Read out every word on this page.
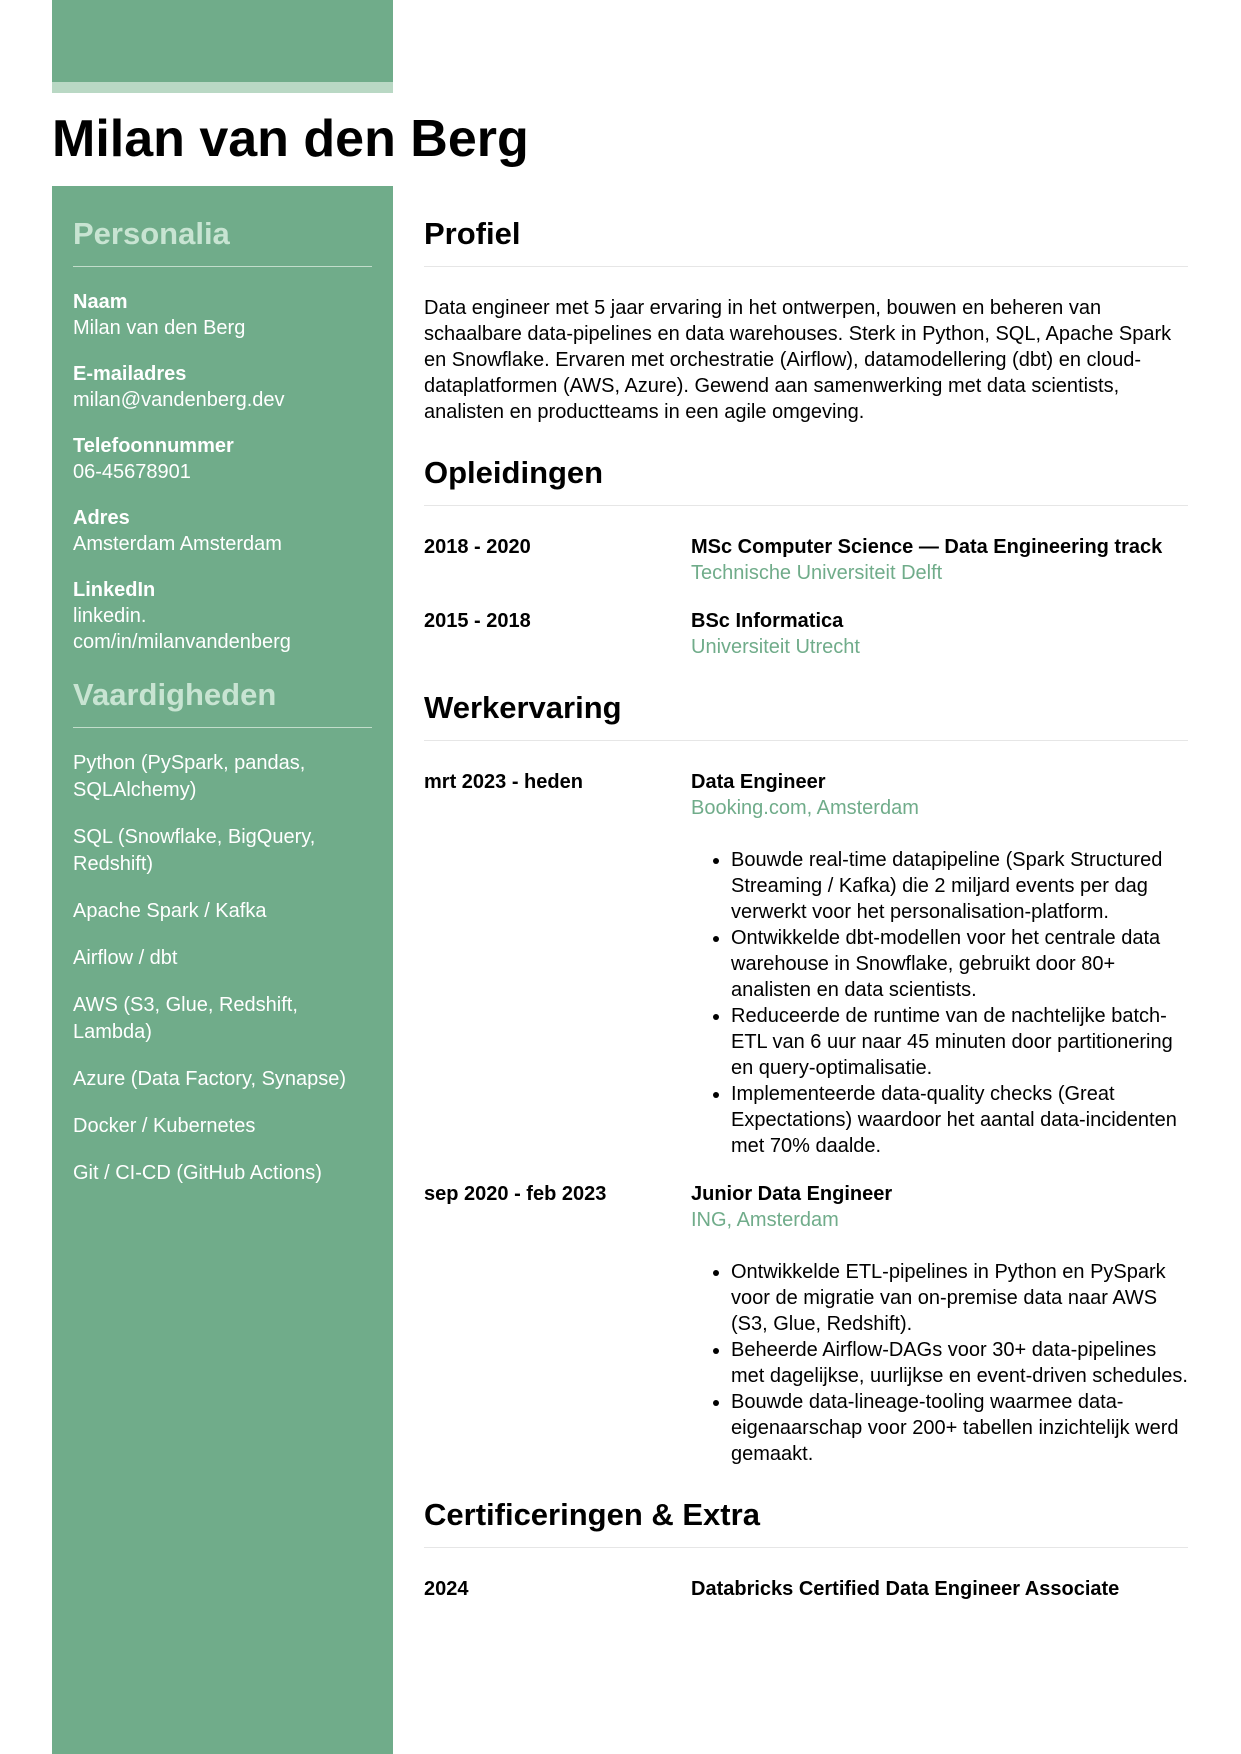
Milan van den Berg
Personalia
Naam
Milan van den Berg
E-mailadres
milan@vandenberg.dev
Telefoonnummer
06-45678901
Adres
Amsterdam Amsterdam
LinkedIn
linkedin.
com/in/milanvandenberg
Vaardigheden
Python (PySpark, pandas, SQLAlchemy)
SQL (Snowflake, BigQuery, Redshift)
Apache Spark / Kafka
Airflow / dbt
AWS (S3, Glue, Redshift, Lambda)
Azure (Data Factory, Synapse)
Docker / Kubernetes
Git / CI-CD (GitHub Actions)
Profiel

Data engineer met 5 jaar ervaring in het ontwerpen, bouwen en beheren van schaalbare data-pipelines en data warehouses. Sterk in Python, SQL, Apache Spark en Snowflake. Ervaren met orchestratie (Airflow), datamodellering (dbt) en cloud-dataplatformen (AWS, Azure). Gewend aan samenwerking met data scientists, analisten en productteams in een agile omgeving.

Opleidingen
2018 - 2020	MSc Computer Science — Data Engineering track
Technische Universiteit Delft
2015 - 2018	BSc Informatica
Universiteit Utrecht
Werkervaring
mrt 2023 - heden	Data Engineer
Booking.com, Amsterdam
• Bouwde real-time datapipeline (Spark Structured Streaming / Kafka) die 2 miljard events per dag verwerkt voor het personalisation-platform.
• Ontwikkelde dbt-modellen voor het centrale data warehouse in Snowflake, gebruikt door 80+ analisten en data scientists.
• Reduceerde de runtime van de nachtelijke batch-ETL van 6 uur naar 45 minuten door partitionering en query-optimalisatie.
• Implementeerde data-quality checks (Great Expectations) waardoor het aantal data-incidenten met 70% daalde.
sep 2020 - feb 2023	Junior Data Engineer
ING, Amsterdam
• Ontwikkelde ETL-pipelines in Python en PySpark voor de migratie van on-premise data naar AWS (S3, Glue, Redshift).
• Beheerde Airflow-DAGs voor 30+ data-pipelines met dagelijkse, uurlijkse en event-driven schedules.
• Bouwde data-lineage-tooling waarmee data-eigenaarschap voor 200+ tabellen inzichtelijk werd gemaakt.
Certificeringen & Extra
2024	Databricks Certified Data Engineer Associate
